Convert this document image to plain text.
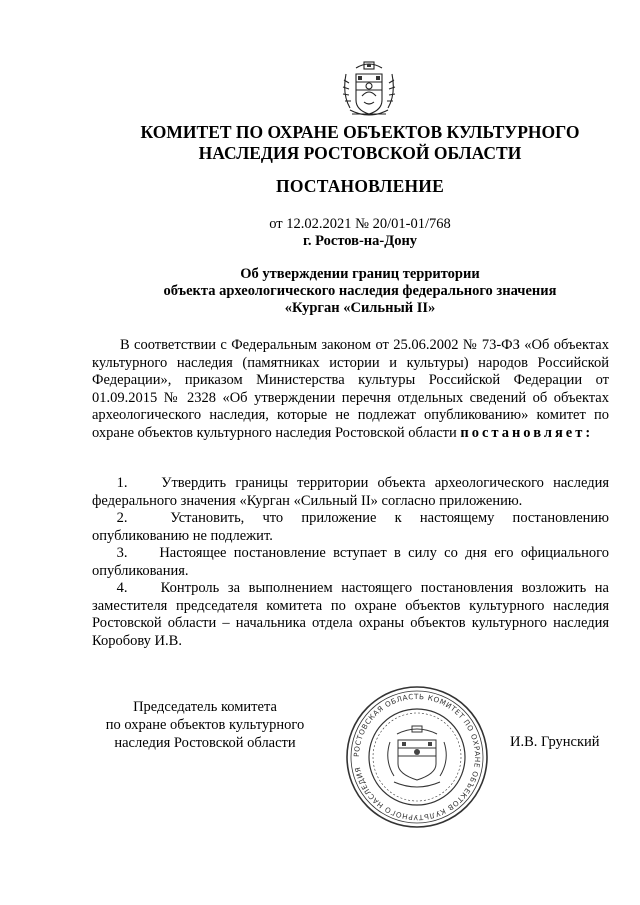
КОМИТЕТ ПО ОХРАНЕ ОБЪЕКТОВ КУЛЬТУРНОГО
НАСЛЕДИЯ РОСТОВСКОЙ ОБЛАСТИ
ПОСТАНОВЛЕНИЕ
от 12.02.2021 № 20/01-01/768
г. Ростов-на-Дону
Об утверждении границ территории
объекта археологического наследия федерального значения
«Курган «Сильный II»
В соответствии с Федеральным законом от 25.06.2002 № 73-ФЗ «Об объектах культурного наследия (памятниках истории и культуры) народов Российской Федерации», приказом Министерства культуры Российской Федерации от 01.09.2015 № 2328 «Об утверждении перечня отдельных сведений об объектах археологического наследия, которые не подлежат опубликованию» комитет по охране объектов культурного наследия Ростовской области постановляет:
1. Утвердить границы территории объекта археологического наследия федерального значения «Курган «Сильный II» согласно приложению.
2.	Установить, что приложение к настоящему постановлению опубликованию не подлежит.
3. Настоящее постановление вступает в силу со дня его официального опубликования.
4. Контроль за выполнением настоящего постановления возложить на заместителя председателя комитета по охране объектов культурного наследия Ростовской области – начальника отдела охраны объектов культурного наследия Коробову И.В.
Председатель комитета
по охране объектов культурного
наследия Ростовской области
РОСТОВСКАЯ ОБЛАСТЬ КОМИТЕТ ПО ОХРАНЕ ОБЪЕКТОВ КУЛЬТУРНОГО НАСЛЕДИЯ
И.В. Грунский
